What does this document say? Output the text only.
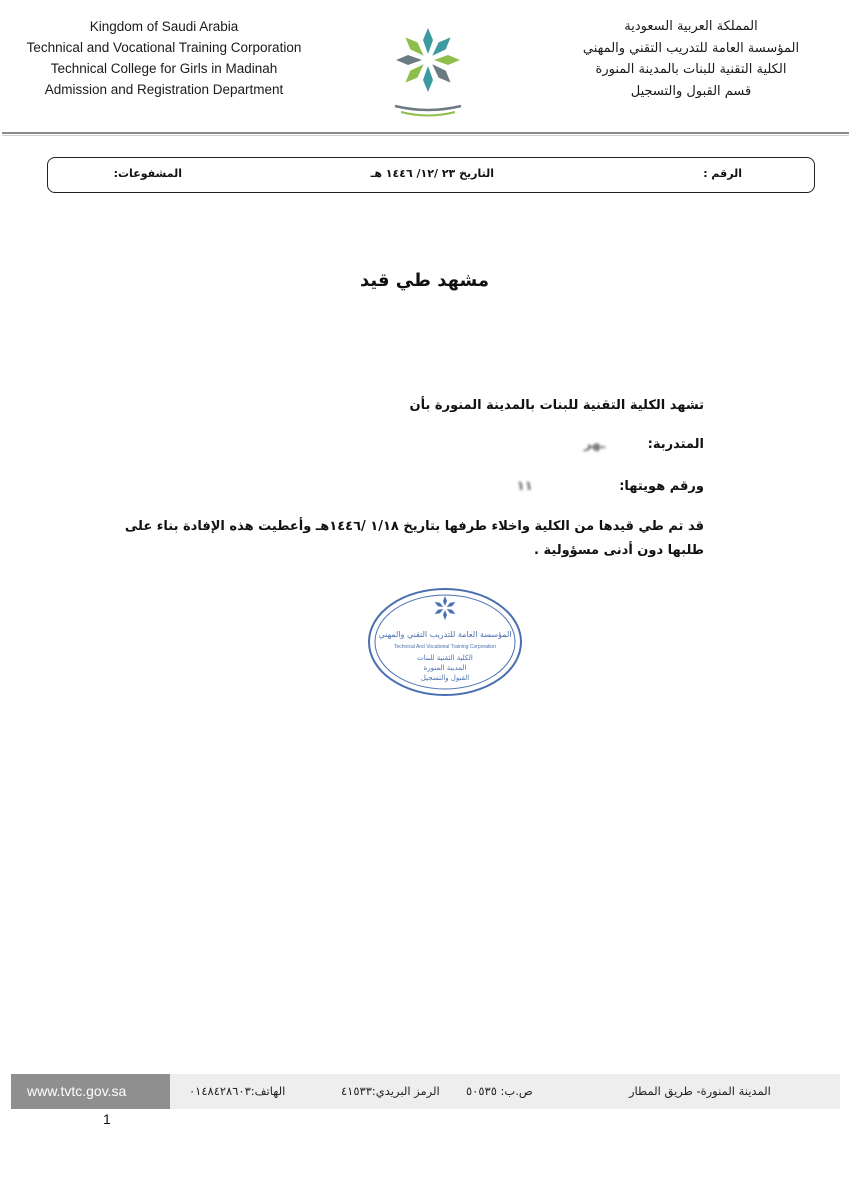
Kingdom of Saudi Arabia
Technical and Vocational Training Corporation
Technical College for Girls in Madinah
Admission and Registration Department
المملكة العربية السعودية
المؤسسة العامة للتدريب التقني والمهني
الكلية التقنية للبنات بالمدينة المنورة
قسم القبول والتسجيل
الرقم :
التاريخ ٢٣ /١٢/ ١٤٤٦ هـ
المشفوعات:
مشهد طي قيد
تشهد الكلية التقنية للبنات بالمدينة المنورة بأن
المتدربة: ـهر
ورقم هويتها: ١١
قد تم طي قيدها من الكلية واخلاء طرفها بتاريخ ١/١٨ /١٤٤٦هـ وأعطيت هذه الإفادة بناء على طلبها دون أدنى مسؤولية .
المؤسسة العامة للتدريب التقني والمهني
Technical And Vocational Training Corporation
الكلية التقنية للبنات
المدينة المنورة
القبول والتسجيل
www.tvtc.gov.sa	الهاتف:٠١٤٨٤٢٨٦٠٣	الرمز البريدي:٤١٥٣٣ ص.ب: ٥٠٥٣٥	المدينة المنورة- طريق المطار
1
